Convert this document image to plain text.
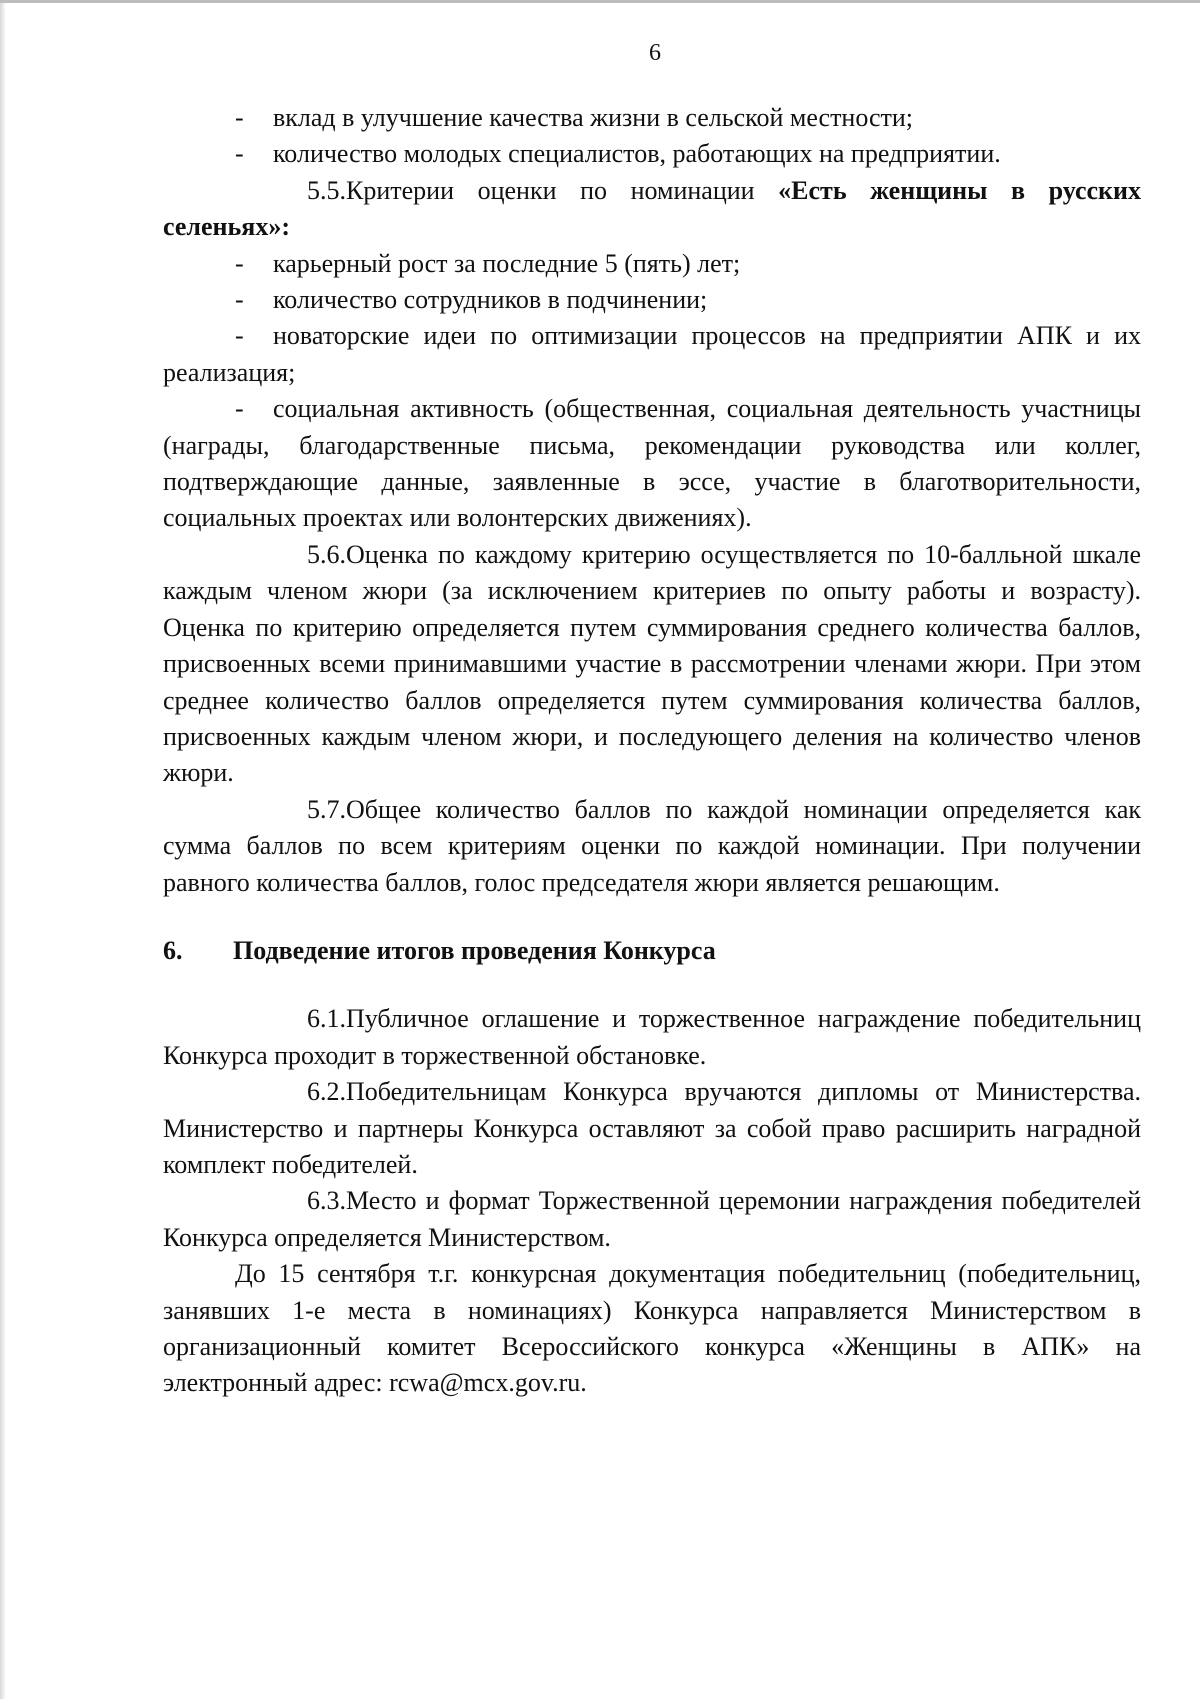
6

- вклад в улучшение качества жизни в сельской местности;

- количество молодых специалистов, работающих на предприятии.

5.5.Критерии оценки по номинации «Есть женщины в русских селеньях»:

- карьерный рост за последние 5 (пять) лет;

- количество сотрудников в подчинении;

- новаторские идеи по оптимизации процессов на предприятии АПК и их реализация;

- социальная активность (общественная, социальная деятельность участницы (награды, благодарственные письма, рекомендации руководства или коллег, подтверждающие данные, заявленные в эссе, участие в благотворительности, социальных проектах или волонтерских движениях).

5.6.Оценка по каждому критерию осуществляется по 10-балльной шкале каждым членом жюри (за исключением критериев по опыту работы и возрасту). Оценка по критерию определяется путем суммирования среднего количества баллов, присвоенных всеми принимавшими участие в рассмотрении членами жюри. При этом среднее количество баллов определяется путем суммирования количества баллов, присвоенных каждым членом жюри, и последующего деления на количество членов жюри.

5.7.Общее количество баллов по каждой номинации определяется как сумма баллов по всем критериям оценки по каждой номинации. При получении равного количества баллов, голос председателя жюри является решающим.

6. Подведение итогов проведения Конкурса

6.1.Публичное оглашение и торжественное награждение победительниц Конкурса проходит в торжественной обстановке.

6.2.Победительницам Конкурса вручаются дипломы от Министерства. Министерство и партнеры Конкурса оставляют за собой право расширить наградной комплект победителей.

6.3.Место и формат Торжественной церемонии награждения победителей Конкурса определяется Министерством.

До 15 сентября т.г. конкурсная документация победительниц (победительниц, занявших 1-е места в номинациях) Конкурса направляется Министерством в организационный комитет Всероссийского конкурса «Женщины в АПК» на электронный адрес: rcwa@mcx.gov.ru.
